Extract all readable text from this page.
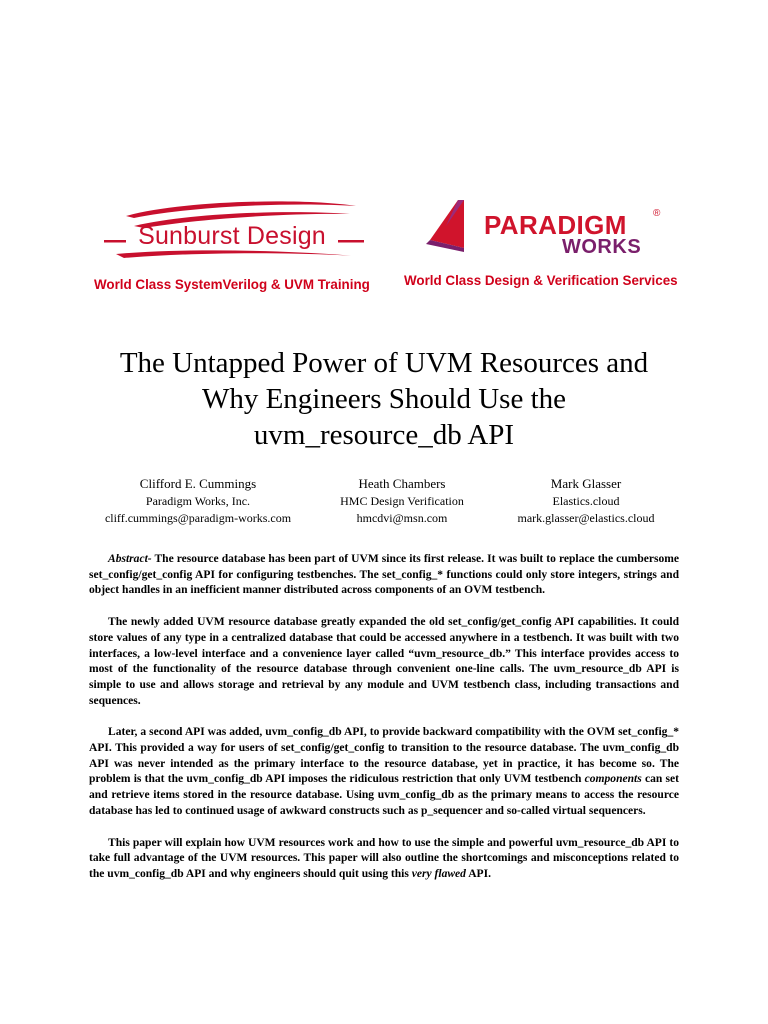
Sunburst Design
World Class SystemVerilog & UVM Training
PARADIGM	®
WORKS
World Class Design & Verification Services
The Untapped Power of UVM Resources and
Why Engineers Should Use the
uvm_resource_db API
Clifford E. Cummings
Paradigm Works, Inc.
cliff.cummings@paradigm-works.com
Heath Chambers
HMC Design Verification
hmcdvi@msn.com
Mark Glasser
Elastics.cloud
mark.glasser@elastics.cloud

Abstract- The resource database has been part of UVM since its first release. It was built to replace the cumbersome set_config/get_config API for configuring testbenches. The set_config_* functions could only store integers, strings and object handles in an inefficient manner distributed across components of an OVM testbench.

The newly added UVM resource database greatly expanded the old set_config/get_config API capabilities. It could store values of any type in a centralized database that could be accessed anywhere in a testbench. It was built with two interfaces, a low-level interface and a convenience layer called “uvm_resource_db.” This interface provides access to most of the functionality of the resource database through convenient one-line calls. The uvm_resource_db API is simple to use and allows storage and retrieval by any module and UVM testbench class, including transactions and sequences.

Later, a second API was added, uvm_config_db API, to provide backward compatibility with the OVM set_config_* API. This provided a way for users of set_config/get_config to transition to the resource database. The uvm_config_db API was never intended as the primary interface to the resource database, yet in practice, it has become so. The problem is that the uvm_config_db API imposes the ridiculous restriction that only UVM testbench components can set and retrieve items stored in the resource database. Using uvm_config_db as the primary means to access the resource database has led to continued usage of awkward constructs such as p_sequencer and so-called virtual sequencers.

This paper will explain how UVM resources work and how to use the simple and powerful uvm_resource_db API to take full advantage of the UVM resources. This paper will also outline the shortcomings and misconceptions related to the uvm_config_db API and why engineers should quit using this very flawed API.
